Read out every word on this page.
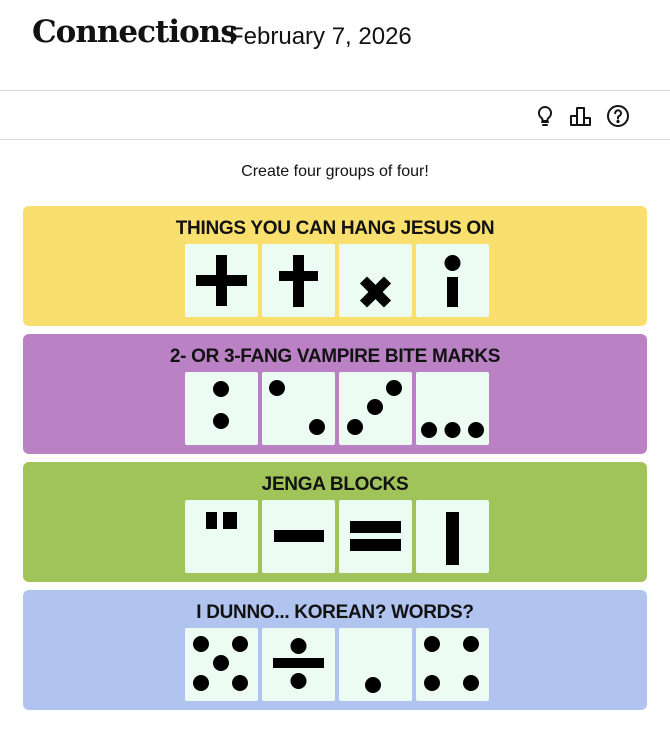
Connections
February 7, 2026
Create four groups of four!
THINGS YOU CAN HANG JESUS ON
2- OR 3-FANG VAMPIRE BITE MARKS
JENGA BLOCKS
I DUNNO... KOREAN? WORDS?
